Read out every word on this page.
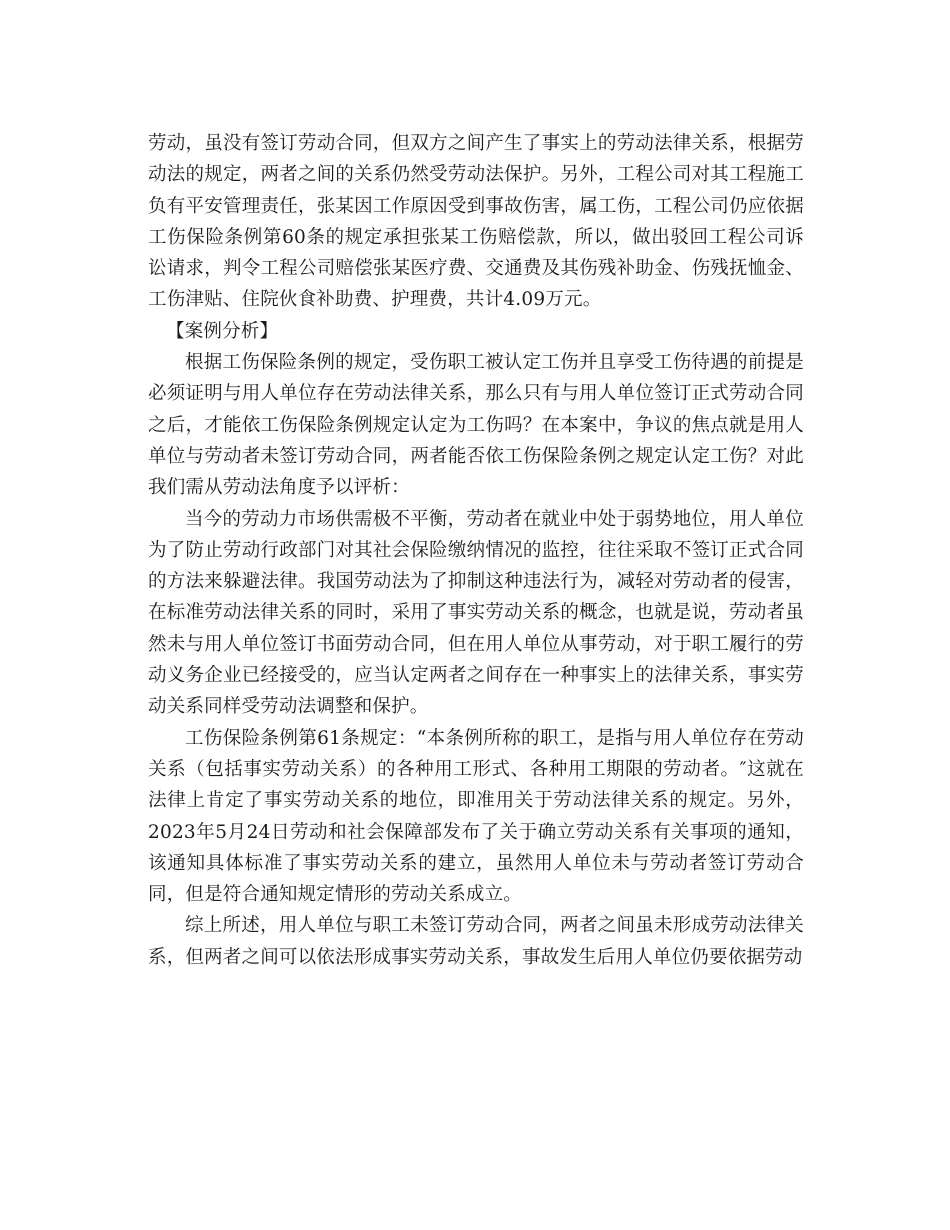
劳动，虽没有签订劳动合同，但双方之间产生了事实上的劳动法律关系，根据劳动法的规定，两者之间的关系仍然受劳动法保护。另外，工程公司对其工程施工负有平安管理责任，张某因工作原因受到事故伤害，属工伤，工程公司仍应依据工伤保险条例第60条的规定承担张某工伤赔偿款，所以，做出驳回工程公司诉讼请求，判令工程公司赔偿张某医疗费、交通费及其伤残补助金、伤残抚恤金、工伤津贴、住院伙食补助费、护理费，共计4.09万元。

【案例分析】

根据工伤保险条例的规定，受伤职工被认定工伤并且享受工伤待遇的前提是必须证明与用人单位存在劳动法律关系，那么只有与用人单位签订正式劳动合同之后，才能依工伤保险条例规定认定为工伤吗？在本案中，争议的焦点就是用人单位与劳动者未签订劳动合同，两者能否依工伤保险条例之规定认定工伤？对此我们需从劳动法角度予以评析：

当今的劳动力市场供需极不平衡，劳动者在就业中处于弱势地位，用人单位为了防止劳动行政部门对其社会保险缴纳情况的监控，往往采取不签订正式合同的方法来躲避法律。我国劳动法为了抑制这种违法行为，减轻对劳动者的侵害，在标准劳动法律关系的同时，采用了事实劳动关系的概念，也就是说，劳动者虽然未与用人单位签订书面劳动合同，但在用人单位从事劳动，对于职工履行的劳动义务企业已经接受的，应当认定两者之间存在一种事实上的法律关系，事实劳动关系同样受劳动法调整和保护。

工伤保险条例第61条规定：“本条例所称的职工，是指与用人单位存在劳动关系（包括事实劳动关系）的各种用工形式、各种用工期限的劳动者。″这就在法律上肯定了事实劳动关系的地位，即准用关于劳动法律关系的规定。另外，2023年5月24日劳动和社会保障部发布了关于确立劳动关系有关事项的通知，该通知具体标准了事实劳动关系的建立，虽然用人单位未与劳动者签订劳动合同，但是符合通知规定情形的劳动关系成立。

综上所述，用人单位与职工未签订劳动合同，两者之间虽未形成劳动法律关系，但两者之间可以依法形成事实劳动关系，事故发生后用人单位仍要依据劳动
